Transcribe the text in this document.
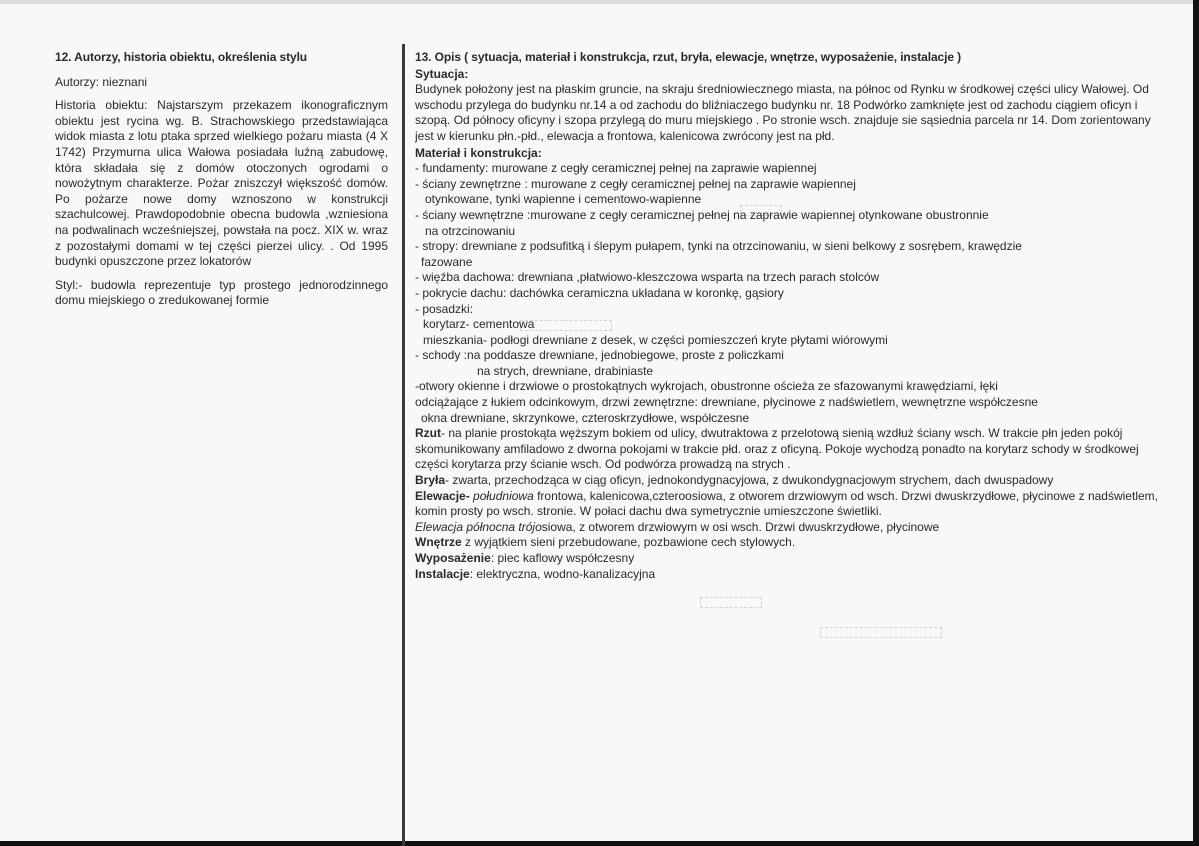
12. Autorzy, historia obiektu, określenia stylu

Autorzy: nieznani

Historia obiektu: Najstarszym przekazem ikonograficznym obiektu jest rycina wg. B. Strachowskiego przedstawiająca widok miasta z lotu ptaka sprzed wielkiego pożaru miasta (4 X 1742) Przymurna ulica Wałowa posiadała luźną zabudowę, która składała się z domów otoczonych ogrodami o nowożytnym charakterze. Pożar zniszczył większość domów. Po pożarze nowe domy wznoszono w konstrukcji szachulcowej. Prawdopodobnie obecna budowla ,wzniesiona na podwalinach wcześniejszej, powstała na pocz. XIX w. wraz z pozostałymi domami w tej części pierzei ulicy. . Od 1995 budynki opuszczone przez lokatorów

Styl:- budowla reprezentuje typ prostego jednorodzinnego domu miejskiego o zredukowanej formie

13. Opis ( sytuacja, materiał i konstrukcja, rzut, bryła, elewacje, wnętrze, wyposażenie, instalacje )

Sytuacja:

Budynek położony jest na płaskim gruncie, na skraju średniowiecznego miasta, na północ od Rynku w środkowej części ulicy Wałowej. Od wschodu przylega do budynku nr.14 a od zachodu do bliźniaczego budynku nr. 18 Podwórko zamknięte jest od zachodu ciągiem oficyn i szopą. Od północy oficyny i szopa przylegą do muru miejskiego . Po stronie wsch. znajduje sie sąsiednia parcela nr 14. Dom zorientowany jest w kierunku płn.-płd., elewacja a frontowa, kalenicowa zwrócony jest na płd.

Materiał i konstrukcja:

- fundamenty: murowane z cegły ceramicznej pełnej na zaprawie wapiennej

- ściany zewnętrzne : murowane z cegły ceramicznej pełnej na zaprawie wapiennej

otynkowane, tynki wapienne i cementowo-wapienne

- ściany wewnętrzne :murowane z cegły ceramicznej pełnej na zaprawie wapiennej otynkowane obustronnie

na otrzcinowaniu

- stropy: drewniane z podsufitką i ślepym pułapem, tynki na otrzcinowaniu, w sieni belkowy z sosrębem, krawędzie

fazowane

- więźba dachowa: drewniana ,płatwiowo-kleszczowa wsparta na trzech parach stolców

- pokrycie dachu: dachówka ceramiczna układana w koronkę, gąsiory

- posadzki:

korytarz- cementowa

mieszkania- podłogi drewniane z desek, w części pomieszczeń kryte płytami wiórowymi

- schody :na poddasze drewniane, jednobiegowe, proste z policzkami

na strych, drewniane, drabiniaste

-otwory okienne i drzwiowe o prostokątnych wykrojach, obustronne ościeża ze sfazowanymi krawędziami, łęki

odciążające z łukiem odcinkowym, drzwi zewnętrzne: drewniane, płycinowe z nadświetlem, wewnętrzne współczesne

okna drewniane, skrzynkowe, czteroskrzydłowe, współczesne

Rzut- na planie prostokąta węższym bokiem od ulicy, dwutraktowa z przelotową sienią wzdłuż ściany wsch. W trakcie płn jeden pokój skomunikowany amfiladowo z dworna pokojami w trakcie płd. oraz z oficyną. Pokoje wychodzą ponadto na korytarz schody w środkowej części korytarza przy ścianie wsch. Od podwórza prowadzą na strych .

Bryła- zwarta, przechodząca w ciąg oficyn, jednokondygnacyjowa, z dwukondygnacjowym strychem, dach dwuspadowy

Elewacje- południowa frontowa, kalenicowa,czteroosiowa, z otworem drzwiowym od wsch. Drzwi dwuskrzydłowe, płycinowe z nadświetlem, komin prosty po wsch. stronie. W połaci dachu dwa symetrycznie umieszczone świetliki.

Elewacja północna trójosiowa, z otworem drzwiowym w osi wsch. Drzwi dwuskrzydłowe, płycinowe

Wnętrze z wyjątkiem sieni przebudowane, pozbawione cech stylowych.

Wyposażenie: piec kaflowy współczesny

Instalacje: elektryczna, wodno-kanalizacyjna
